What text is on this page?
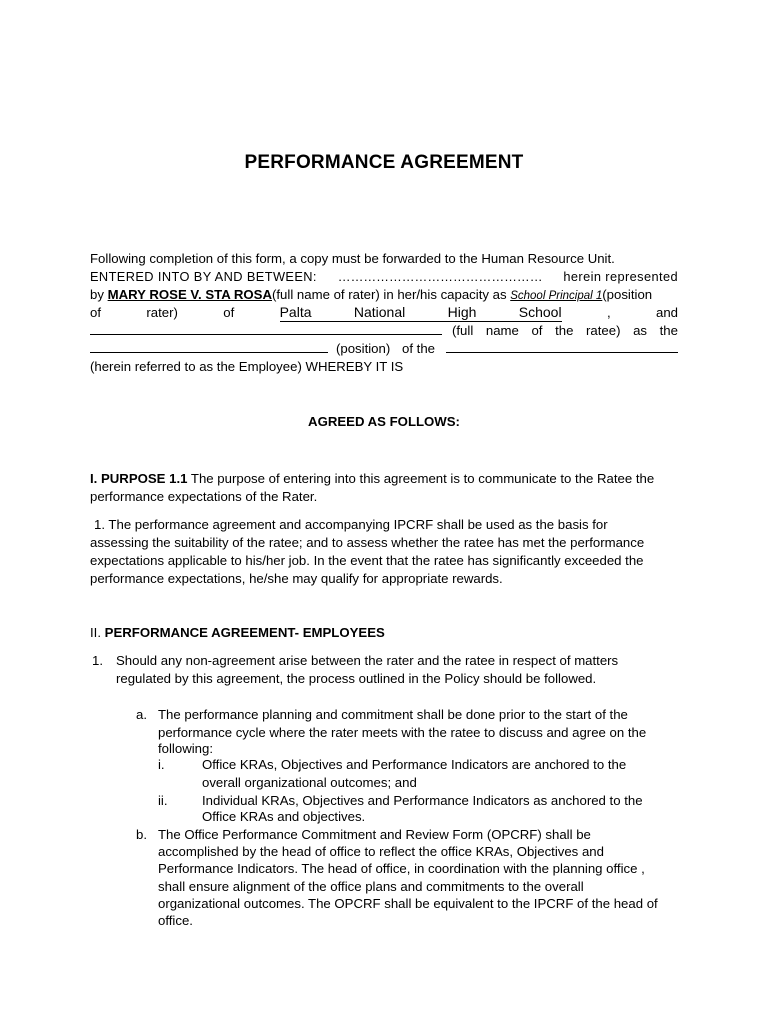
PERFORMANCE AGREEMENT
Following completion of this form, a copy must be forwarded to the Human Resource Unit.
ENTERED INTO BY AND BETWEEN: ………………………………………… herein represented
by MARY ROSE V. STA ROSA(full name of rater) in her/his capacity as School Principal 1(position
of	rater)	of	Palta	National	High	School	,	and
(full name of the ratee) as the
(position) of the
(herein referred to as the Employee) WHEREBY IT IS
AGREED AS FOLLOWS:
I. PURPOSE 1.1 The purpose of entering into this agreement is to communicate to the Ratee the
performance expectations of the Rater.
1. The performance agreement and accompanying IPCRF shall be used as the basis for
assessing the suitability of the ratee; and to assess whether the ratee has met the performance
expectations applicable to his/her job. In the event that the ratee has significantly exceeded the
performance expectations, he/she may qualify for appropriate rewards.
II. PERFORMANCE AGREEMENT- EMPLOYEES
1. Should any non-agreement arise between the rater and the ratee in respect of matters
regulated by this agreement, the process outlined in the Policy should be followed.
a. The performance planning and commitment shall be done prior to the start of the
performance cycle where the rater meets with the ratee to discuss and agree on the
following:
i.	Office KRAs, Objectives and Performance Indicators are anchored to the
overall organizational outcomes; and
ii.	Individual KRAs, Objectives and Performance Indicators as anchored to the
Office KRAs and objectives.
b. The Office Performance Commitment and Review Form (OPCRF) shall be
accomplished by the head of office to reflect the office KRAs, Objectives and
Performance Indicators. The head of office, in coordination with the planning office ,
shall ensure alignment of the office plans and commitments to the overall
organizational outcomes. The OPCRF shall be equivalent to the IPCRF of the head of
office.
